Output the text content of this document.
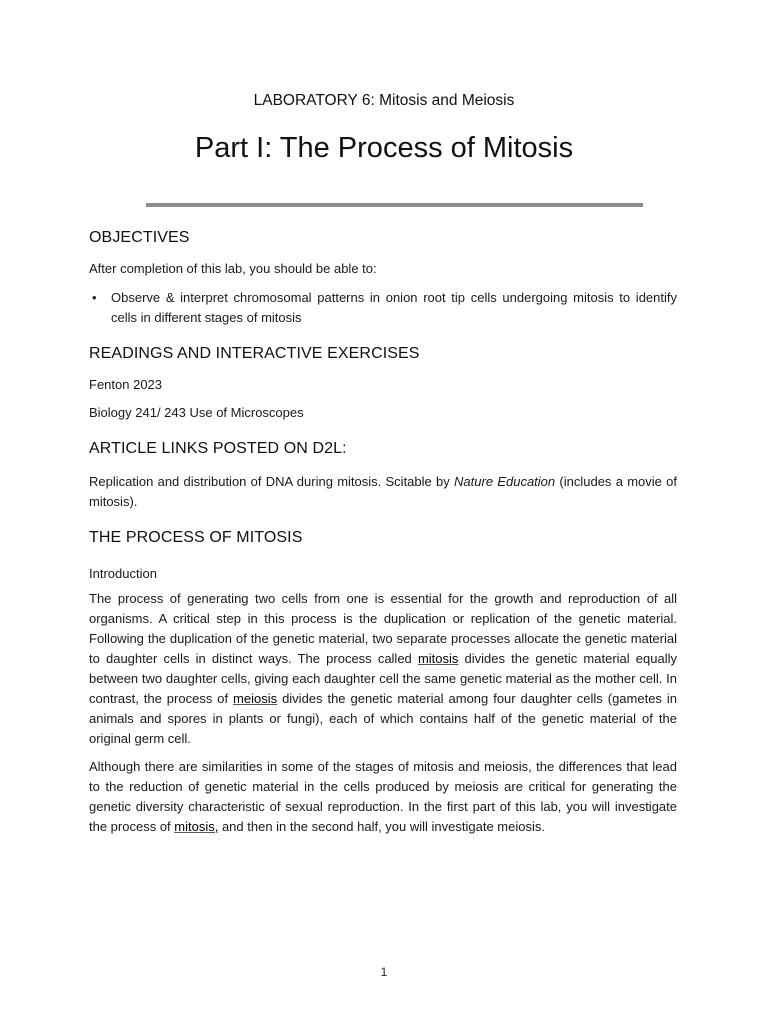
LABORATORY 6: Mitosis and Meiosis
Part I: The Process of Mitosis
OBJECTIVES
After completion of this lab, you should be able to:
• Observe & interpret chromosomal patterns in onion root tip cells undergoing mitosis to identify cells in different stages of mitosis
READINGS AND INTERACTIVE EXERCISES
Fenton 2023
Biology 241/ 243 Use of Microscopes
ARTICLE LINKS POSTED ON D2L:
Replication and distribution of DNA during mitosis. Scitable by Nature Education (includes a movie of mitosis).
THE PROCESS OF MITOSIS
Introduction
The process of generating two cells from one is essential for the growth and reproduction of all organisms. A critical step in this process is the duplication or replication of the genetic material. Following the duplication of the genetic material, two separate processes allocate the genetic material to daughter cells in distinct ways. The process called mitosis divides the genetic material equally between two daughter cells, giving each daughter cell the same genetic material as the mother cell. In contrast, the process of meiosis divides the genetic material among four daughter cells (gametes in animals and spores in plants or fungi), each of which contains half of the genetic material of the original germ cell.
Although there are similarities in some of the stages of mitosis and meiosis, the differences that lead to the reduction of genetic material in the cells produced by meiosis are critical for generating the genetic diversity characteristic of sexual reproduction. In the first part of this lab, you will investigate the process of mitosis, and then in the second half, you will investigate meiosis.
1
